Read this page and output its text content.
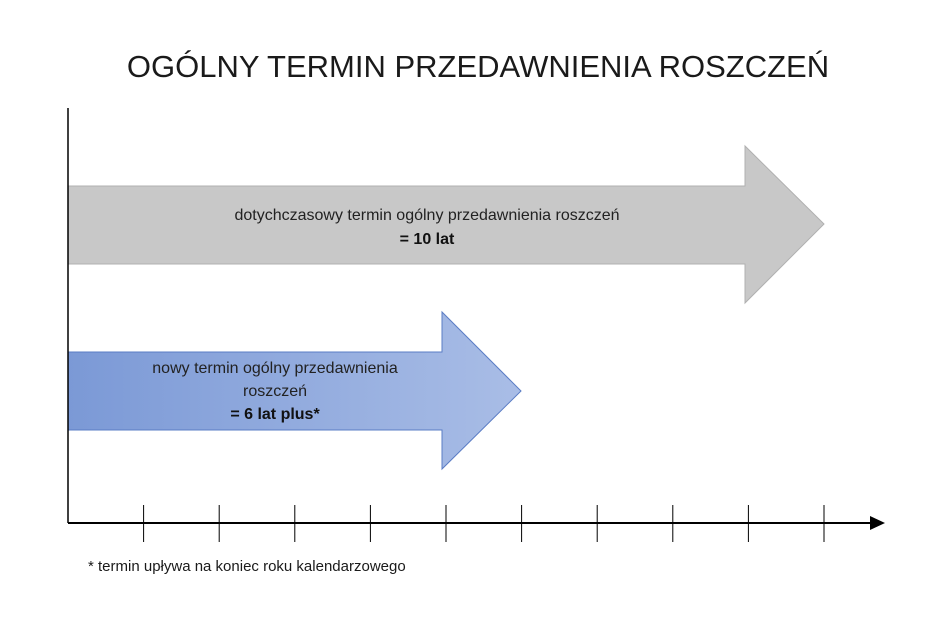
OGÓLNY TERMIN PRZEDAWNIENIA ROSZCZEŃ
dotychczasowy termin ogólny przedawnienia roszczeń
= 10 lat
nowy termin ogólny przedawnienia
roszczeń
= 6 lat plus*
* termin upływa na koniec roku kalendarzowego
